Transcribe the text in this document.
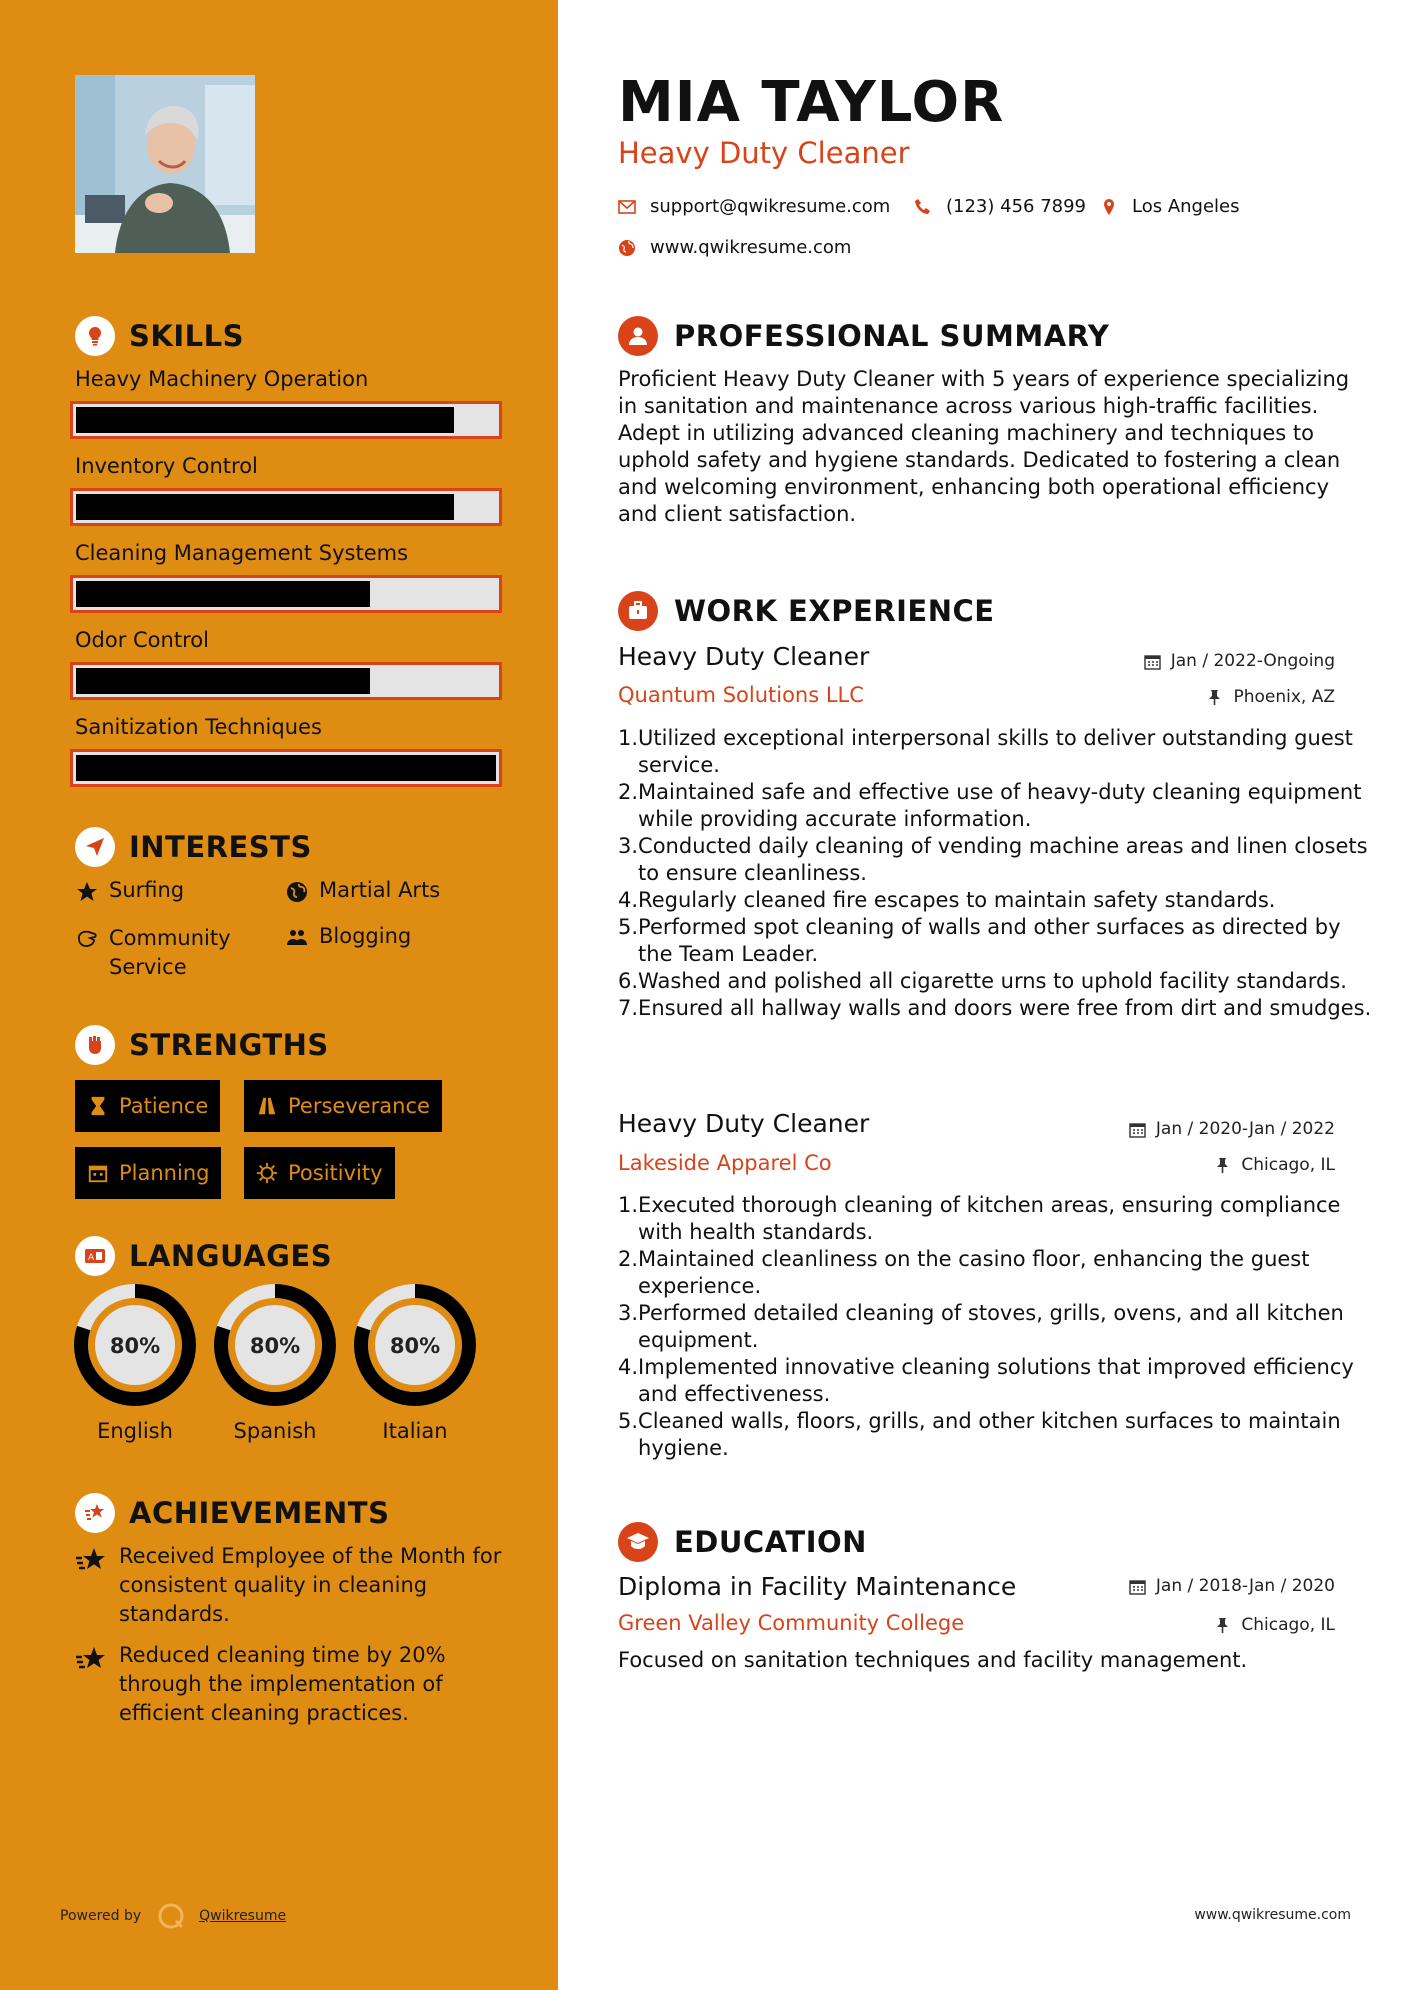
SKILLS
Heavy Machinery Operation
Inventory Control
Cleaning Management Systems
Odor Control
Sanitization Techniques
INTERESTS
Surfing	Martial Arts
Community Service
Blogging
STRENGTHS
Patience	Perseverance
Planning	Positivity
A LANGUAGES
80%
English
80%
Spanish
80%
Italian
ACHIEVEMENTS
Received Employee of the Month for consistent quality in cleaning standards.
Reduced cleaning time by 20% through the implementation of efficient cleaning practices.
Powered by	Qwikresume
MIA TAYLOR
Heavy Duty Cleaner
support@qwikresume.com	(123) 456 7899	Los Angeles
www.qwikresume.com
PROFESSIONAL SUMMARY
Proficient Heavy Duty Cleaner with 5 years of experience specializing in sanitation and maintenance across various high-traffic facilities. Adept in utilizing advanced cleaning machinery and techniques to uphold safety and hygiene standards. Dedicated to fostering a clean and welcoming environment, enhancing both operational efficiency and client satisfaction.
WORK EXPERIENCE
Heavy Duty Cleaner	Jan / 2022-Ongoing
Quantum Solutions LLC	Phoenix, AZ
1. Utilized exceptional interpersonal skills to deliver outstanding guest service.
2. Maintained safe and effective use of heavy-duty cleaning equipment while providing accurate information.
3. Conducted daily cleaning of vending machine areas and linen closets to ensure cleanliness.
4. Regularly cleaned fire escapes to maintain safety standards.
5. Performed spot cleaning of walls and other surfaces as directed by the Team Leader.
6. Washed and polished all cigarette urns to uphold facility standards.
7. Ensured all hallway walls and doors were free from dirt and smudges.
Heavy Duty Cleaner	Jan / 2020-Jan / 2022
Lakeside Apparel Co	Chicago, IL
1. Executed thorough cleaning of kitchen areas, ensuring compliance with health standards.
2. Maintained cleanliness on the casino floor, enhancing the guest experience.
3. Performed detailed cleaning of stoves, grills, ovens, and all kitchen equipment.
4. Implemented innovative cleaning solutions that improved efficiency and effectiveness.
5. Cleaned walls, floors, grills, and other kitchen surfaces to maintain hygiene.
EDUCATION
Diploma in Facility Maintenance	Jan / 2018-Jan / 2020
Green Valley Community College	Chicago, IL
Focused on sanitation techniques and facility management.
www.qwikresume.com
